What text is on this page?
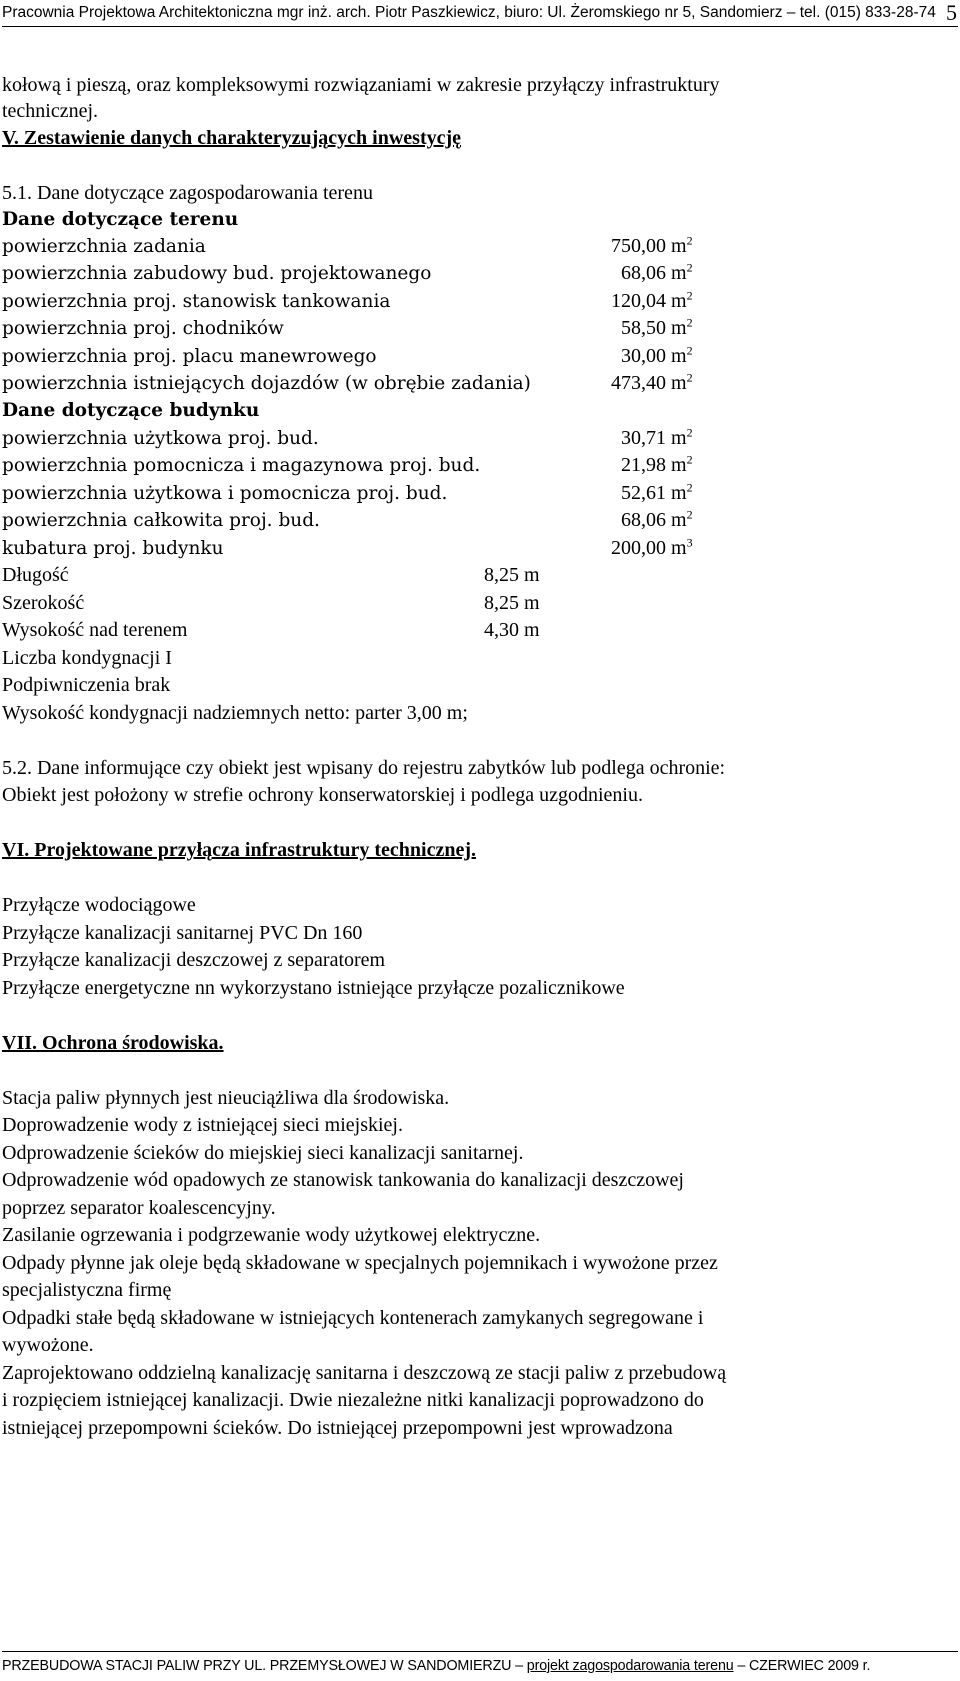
Pracownia Projektowa Architektoniczna mgr inż. arch. Piotr Paszkiewicz, biuro: Ul. Żeromskiego nr 5, Sandomierz – tel. (015) 833-28-74 5
kołową i pieszą, oraz kompleksowymi rozwiązaniami w zakresie przyłączy infrastruktury
technicznej.
V. Zestawienie danych charakteryzujących inwestycję
5.1. Dane dotyczące zagospodarowania terenu
Dane dotyczące terenu
powierzchnia zadania	750,00 $m^2$
powierzchnia zabudowy bud. projektowanego	68,06 $m^2$
powierzchnia proj. stanowisk tankowania	120,04 $m^2$
powierzchnia proj. chodników	58,50 $m^2$
powierzchnia proj. placu manewrowego	30,00 $m^2$
powierzchnia istniejących dojazdów (w obrębie zadania)	473,40 $m^2$
Dane dotyczące budynku
powierzchnia użytkowa proj. bud.	30,71 $m^2$
powierzchnia pomocnicza i magazynowa proj. bud.	21,98 $m^2$
powierzchnia użytkowa i pomocnicza proj. bud.	52,61 $m^2$
powierzchnia całkowita proj. bud.	68,06 $m^2$
kubatura proj. budynku	200,00 $m^3$
Długość	8,25 m
Szerokość	8,25 m
Wysokość nad terenem	4,30 m
Liczba kondygnacji I
Podpiwniczenia brak
Wysokość kondygnacji nadziemnych netto: parter 3,00 m;
5.2. Dane informujące czy obiekt jest wpisany do rejestru zabytków lub podlega ochronie:
Obiekt jest położony w strefie ochrony konserwatorskiej i podlega uzgodnieniu.
VI. Projektowane przyłącza infrastruktury technicznej.
Przyłącze wodociągowe
Przyłącze kanalizacji sanitarnej PVC Dn 160
Przyłącze kanalizacji deszczowej z separatorem
Przyłącze energetyczne nn wykorzystano istniejące przyłącze pozalicznikowe
VII. Ochrona środowiska.
Stacja paliw płynnych jest nieuciążliwa dla środowiska.
Doprowadzenie wody z istniejącej sieci miejskiej.
Odprowadzenie ścieków do miejskiej sieci kanalizacji sanitarnej.
Odprowadzenie wód opadowych ze stanowisk tankowania do kanalizacji deszczowej
poprzez separator koalescencyjny.
Zasilanie ogrzewania i podgrzewanie wody użytkowej elektryczne.
Odpady płynne jak oleje będą składowane w specjalnych pojemnikach i wywożone przez
specjalistyczna firmę
Odpadki stałe będą składowane w istniejących kontenerach zamykanych segregowane i
wywożone.
Zaprojektowano oddzielną kanalizację sanitarna i deszczową ze stacji paliw z przebudową
i rozpięciem istniejącej kanalizacji. Dwie niezależne nitki kanalizacji poprowadzono do
istniejącej przepompowni ścieków. Do istniejącej przepompowni jest wprowadzona
PRZEBUDOWA STACJI PALIW PRZY UL. PRZEMYSŁOWEJ W SANDOMIERZU – projekt zagospodarowania terenu – CZERWIEC 2009 r.
